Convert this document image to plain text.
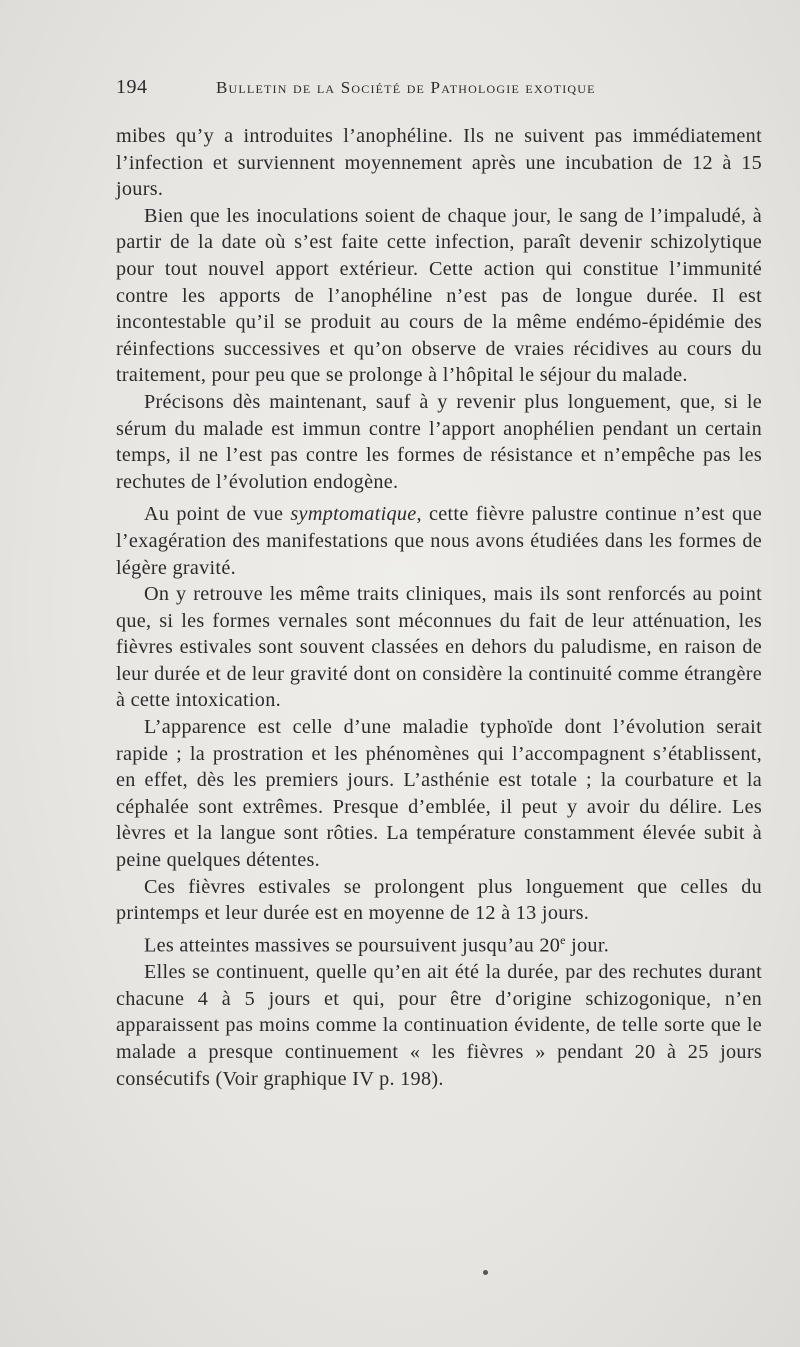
194	Bulletin de la Société de Pathologie exotique

mibes qu’y a introduites l’anophéline. Ils ne suivent pas immédiatement l’infection et surviennent moyennement après une incubation de 12 à 15 jours.

Bien que les inoculations soient de chaque jour, le sang de l’impaludé, à partir de la date où s’est faite cette infection, paraît devenir schizolytique pour tout nouvel apport extérieur. Cette action qui constitue l’immunité contre les apports de l’anophéline n’est pas de longue durée. Il est incontestable qu’il se produit au cours de la même endémo-épidémie des réinfections successives et qu’on observe de vraies récidives au cours du traitement, pour peu que se prolonge à l’hôpital le séjour du malade.

Précisons dès maintenant, sauf à y revenir plus longuement, que, si le sérum du malade est immun contre l’apport anophélien pendant un certain temps, il ne l’est pas contre les formes de résistance et n’empêche pas les rechutes de l’évolution endogène.

Au point de vue symptomatique, cette fièvre palustre continue n’est que l’exagération des manifestations que nous avons étudiées dans les formes de légère gravité.

On y retrouve les même traits cliniques, mais ils sont renforcés au point que, si les formes vernales sont méconnues du fait de leur atténuation, les fièvres estivales sont souvent classées en dehors du paludisme, en raison de leur durée et de leur gravité dont on considère la continuité comme étrangère à cette intoxication.

L’apparence est celle d’une maladie typhoïde dont l’évolution serait rapide ; la prostration et les phénomènes qui l’accompagnent s’établissent, en effet, dès les premiers jours. L’asthénie est totale ; la courbature et la céphalée sont extrêmes. Presque d’emblée, il peut y avoir du délire. Les lèvres et la langue sont rôties. La température constamment élevée subit à peine quelques détentes.

Ces fièvres estivales se prolongent plus longuement que celles du printemps et leur durée est en moyenne de 12 à 13 jours.

Les atteintes massives se poursuivent jusqu’au 20e jour.

Elles se continuent, quelle qu’en ait été la durée, par des rechutes durant chacune 4 à 5 jours et qui, pour être d’origine schizogonique, n’en apparaissent pas moins comme la continuation évidente, de telle sorte que le malade a presque continuement « les fièvres » pendant 20 à 25 jours consécutifs (Voir graphique IV p. 198).
